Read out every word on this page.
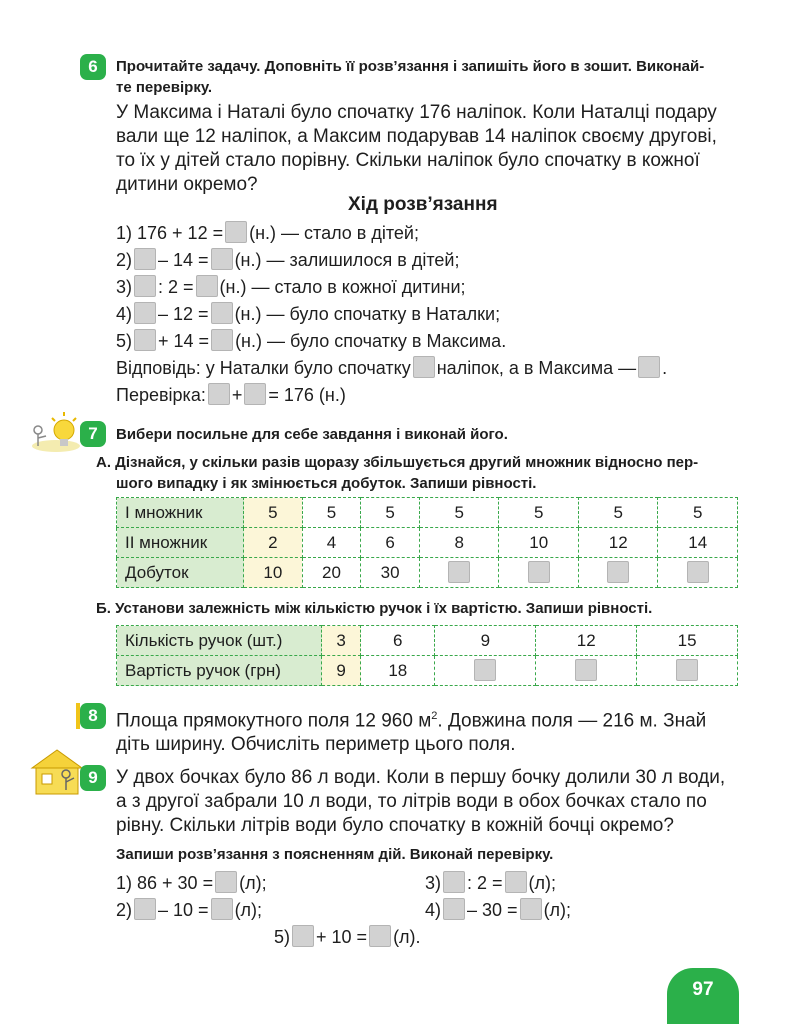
6	Прочитайте задачу. Доповніть її розв’язання і запишіть його в зошит. Виконай-
те перевірку.
У Максима і Наталі було спочатку 176 наліпок. Коли Наталці подару
вали ще 12 наліпок, а Максим подарував 14 наліпок своєму другові,
то їх у дітей стало порівну. Скільки наліпок було спочатку в кожної
дитини окремо?
Хід розв’язання
1) 176 + 12 = (н.) — стало в дітей;
2) – 14 = (н.) — залишилося в дітей;
3) : 2 = (н.) — стало в кожної дитини;
4) – 12 = (н.) — було спочатку в Наталки;
5) + 14 = (н.) — було спочатку в Максима.
Відповідь: у Наталки було спочатку наліпок, а в Максима — .
Перевірка: + = 176 (н.)
7	Вибери посильне для себе завдання і виконай його.
А. Дізнайся, у скільки разів щоразу збільшується другий множник відносно пер-
шого випадку і як змінюється добуток. Запиши рівності.
I множник	5	5	5	5	5	5	5
II множник	2	4	6	8	10	12	14
Добуток	10	20	30				
Б. Установи залежність між кількістю ручок і їх вартістю. Запиши рівності.
Кількість ручок (шт.)	3	6	9	12	15
Вартість ручок (грн)	9	18			
8 Площа прямокутного поля 12 960 $м^2$. Довжина поля — 216 м. Знай
діть ширину. Обчисліть периметр цього поля.
9 У двох бочках було 86 л води. Коли в першу бочку долили 30 л води,
а з другої забрали 10 л води, то літрів води в обох бочках стало по
рівну. Скільки літрів води було спочатку в кожній бочці окремо?
Запиши розв’язання з поясненням дій. Виконай перевірку.
1) 86 + 30 = (л);
2) – 10 = (л);
3) : 2 = (л);
4) – 30 = (л);
5) + 10 = (л).
97
